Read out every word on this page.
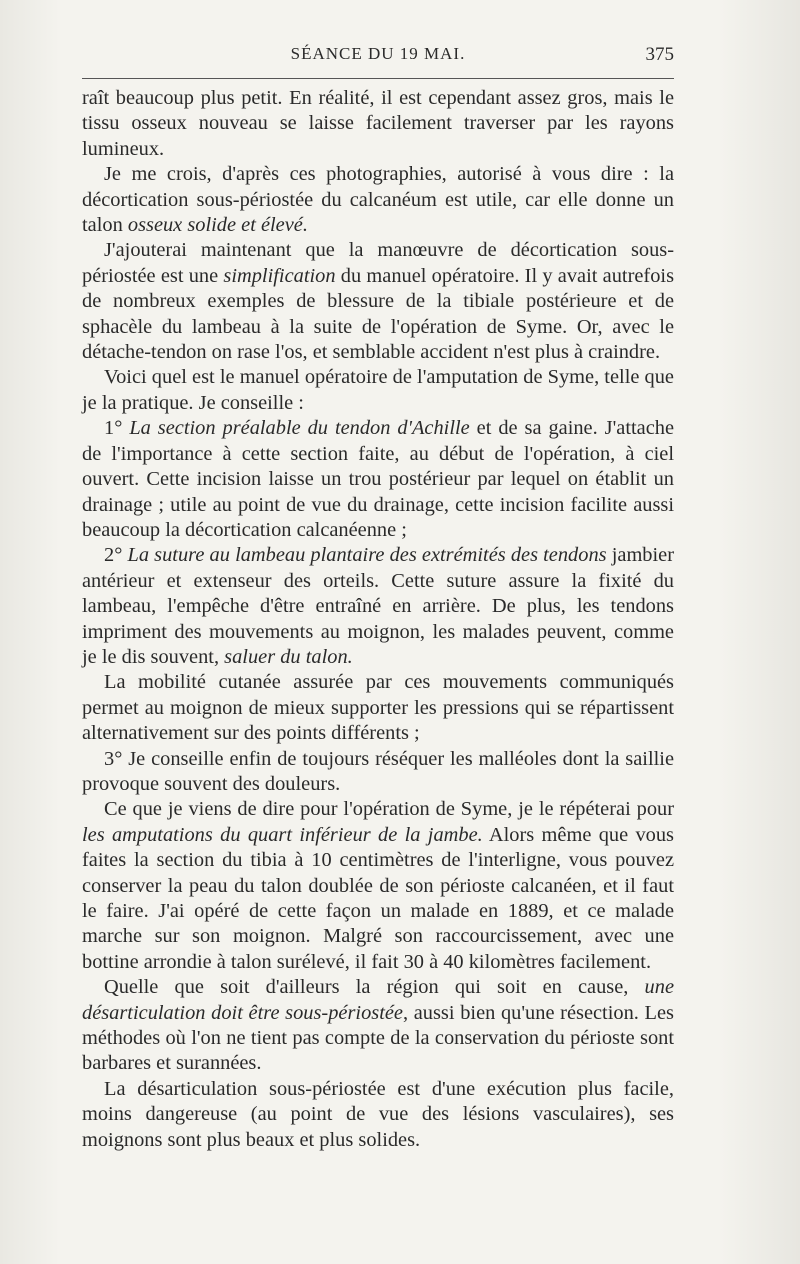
SÉANCE DU 19 MAI.	375

raît beaucoup plus petit. En réalité, il est cependant assez gros, mais le tissu osseux nouveau se laisse facilement traverser par les rayons lumineux.

Je me crois, d'après ces photographies, autorisé à vous dire : la décortication sous-périostée du calcanéum est utile, car elle donne un talon osseux solide et élevé.

J'ajouterai maintenant que la manœuvre de décortication sous-périostée est une simplification du manuel opératoire. Il y avait autrefois de nombreux exemples de blessure de la tibiale postérieure et de sphacèle du lambeau à la suite de l'opération de Syme. Or, avec le détache-tendon on rase l'os, et semblable accident n'est plus à craindre.

Voici quel est le manuel opératoire de l'amputation de Syme, telle que je la pratique. Je conseille :

1° La section préalable du tendon d'Achille et de sa gaine. J'attache de l'importance à cette section faite, au début de l'opération, à ciel ouvert. Cette incision laisse un trou postérieur par lequel on établit un drainage ; utile au point de vue du drainage, cette incision facilite aussi beaucoup la décortication calcanéenne ;

2° La suture au lambeau plantaire des extrémités des tendons jambier antérieur et extenseur des orteils. Cette suture assure la fixité du lambeau, l'empêche d'être entraîné en arrière. De plus, les tendons impriment des mouvements au moignon, les malades peuvent, comme je le dis souvent, saluer du talon.

La mobilité cutanée assurée par ces mouvements communiqués permet au moignon de mieux supporter les pressions qui se répartissent alternativement sur des points différents ;

3° Je conseille enfin de toujours réséquer les malléoles dont la saillie provoque souvent des douleurs.

Ce que je viens de dire pour l'opération de Syme, je le répéterai pour les amputations du quart inférieur de la jambe. Alors même que vous faites la section du tibia à 10 centimètres de l'interligne, vous pouvez conserver la peau du talon doublée de son périoste calcanéen, et il faut le faire. J'ai opéré de cette façon un malade en 1889, et ce malade marche sur son moignon. Malgré son raccourcissement, avec une bottine arrondie à talon surélevé, il fait 30 à 40 kilomètres facilement.

Quelle que soit d'ailleurs la région qui soit en cause, une désarticulation doit être sous-périostée, aussi bien qu'une résection. Les méthodes où l'on ne tient pas compte de la conservation du périoste sont barbares et surannées.

La désarticulation sous-périostée est d'une exécution plus facile, moins dangereuse (au point de vue des lésions vasculaires), ses moignons sont plus beaux et plus solides.
